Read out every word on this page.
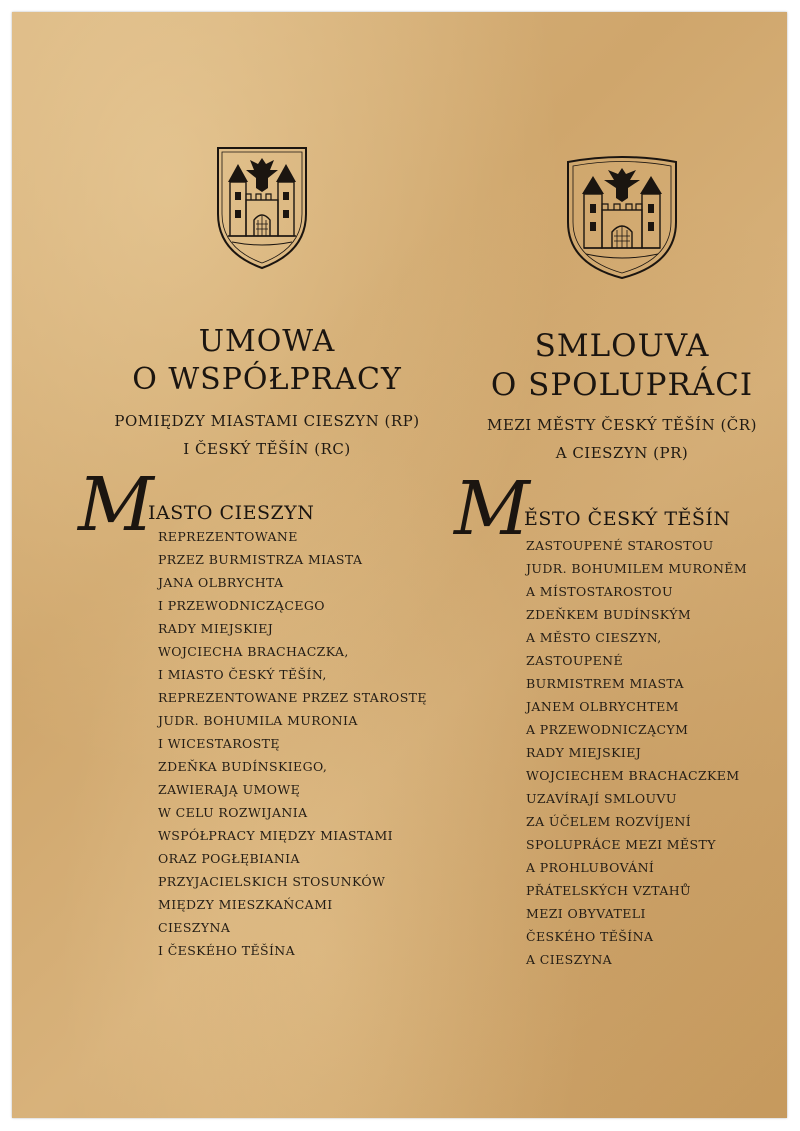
UMOWA
O WSPÓŁPRACY
POMIĘDZY MIASTAMI CIESZYN (RP)
I ČESKÝ TĚŠÍN (RC)
SMLOUVA
O SPOLUPRÁCI
MEZI MĚSTY ČESKÝ TĚŠÍN (ČR)
A CIESZYN (PR)
M
IASTO CIESZYN
REPREZENTOWANE
PRZEZ BURMISTRZA MIASTA
JANA OLBRYCHTA
I PRZEWODNICZĄCEGO
RADY MIEJSKIEJ
WOJCIECHA BRACHACZKA,
I MIASTO ČESKÝ TĚŠÍN,
REPREZENTOWANE PRZEZ STAROSTĘ
JUDR. BOHUMILA MURONIA
I WICESTAROSTĘ
ZDEŇKA BUDÍNSKIEGO,
ZAWIERAJĄ UMOWĘ
W CELU ROZWIJANIA
WSPÓŁPRACY MIĘDZY MIASTAMI
ORAZ POGŁĘBIANIA
PRZYJACIELSKICH STOSUNKÓW
MIĘDZY MIESZKAŃCAMI
CIESZYNA
I ČESKÉHO TĚŠÍNA
M
ĚSTO ČESKÝ TĚŠÍN
ZASTOUPENÉ STAROSTOU
JUDR. BOHUMILEM MURONĚM
A MÍSTOSTAROSTOU
ZDEŇKEM BUDÍNSKÝM
A MĚSTO CIESZYN,
ZASTOUPENÉ
BURMISTREM MIASTA
JANEM OLBRYCHTEM
A PRZEWODNICZĄCYM
RADY MIEJSKIEJ
WOJCIECHEM BRACHACZKEM
UZAVÍRAJÍ SMLOUVU
ZA ÚČELEM ROZVÍJENÍ
SPOLUPRÁCE MEZI MĚSTY
A PROHLUBOVÁNÍ
PŘÁTELSKÝCH VZTAHŮ
MEZI OBYVATELI
ČESKÉHO TĚŠÍNA
A CIESZYNA
